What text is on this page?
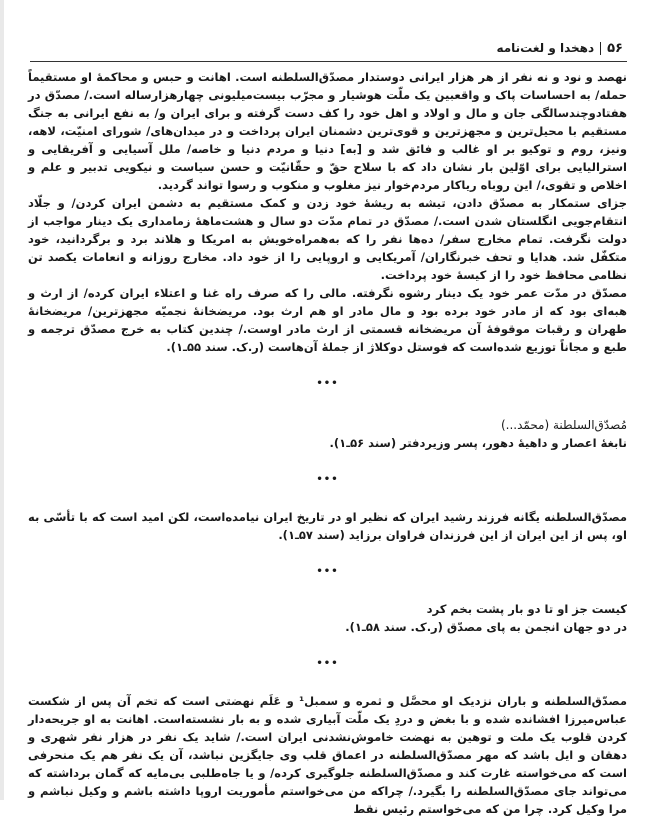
۵۶
دهخدا و لغت‌نامه

نهصد و نود و نه نفر از هر هزار ایرانی دوستدار مصدّق‌السلطنه است. اهانت و حبس و محاکمهٔ او مستقیماً حمله/ به احساسات پاک و واقعبین یک ملّت هوشیار و مجرّب بیست‌میلیونی چهارهزارساله است./ مصدّق در هفتادوچندسالگی جان و مال و اولاد و اهل خود را کف دست گرفته و برای ایران و/ به نفع ایرانی به جنگ مستقیم با محیل‌ترین و مجهزترین و قوی‌ترین دشمنان ایران پرداخت و در میدان‌های/ شورای امنیّت، لاهه، ونیز، روم و توکیو بر او غالب و فائق شد و [به] دنیا و مردم دنیا و خاصه/ ملل آسیایی و آفریقایی و استرالیایی برای اوّلین بار نشان داد که با سلاح حقّ و حقّانیّت و حسن سیاست و نیکویی تدبیر و علم و اخلاص و تقوی،/ این روباه ریاکار مردم‌خوار نیز مغلوب و منکوب و رسوا تواند گردید.

جزای ستمکار به مصدّق دادن، تیشه به ریشهٔ خود زدن و کمک مستقیم به دشمن ایران کردن/ و جلّاد انتقام‌جویی انگلستان شدن است./ مصدّق در تمام مدّت دو سال و هشت‌ماههٔ زمامداری یک دینار مواجب از دولت نگرفت. تمام مخارج سفر/ ده‌ها نفر را که به‌همراه‌خویش به امریکا و هلاند برد و برگردانید، خود متکفّل شد. هدایا و تحف خبرنگاران/ آمریکایی و اروپایی را از خود داد. مخارج روزانه و انعامات یکصد تن نظامی محافظ خود را از کیسهٔ خود پرداخت.

مصدّق در مدّت عمر خود یک دینار رشوه نگرفته. مالی را که صرف راه غنا و اعتلاء ایران کرده/ از ارث و هبه‌ای بود که از مادر خود برده بود و مال مادر او هم ارث بود. مریضخانهٔ نجمیّه مجهزترین/ مریضخانهٔ طهران و رقبات موقوفهٔ آن مریضخانه قسمتی از ارث مادر اوست./ چندین کتاب به خرج مصدّق ترجمه و طبع و مجاناً توزیع شده‌است که فوستل دوکلاژ از جملهٔ آن‌هاست (ر.ک. سند ۵۵ـ۱).

•••

مُصدّق‌السلطنة (محمّد...)

نابغهٔ اعصار و داهیهٔ دهور، پسر وزیردفتر (سند ۵۶ـ۱).

•••

مصدّق‌السلطنه یگانه فرزند رشید ایران که نظیر او در تاریخ ایران نیامده‌است، لکن امید است که با تأسّی به او، پس از این ایران از این فرزندان فراوان برزاید (سند ۵۷ـ۱).

•••

کیست جز او تا دو بار پشت بخم کرد

در دو جهان انجمن به پای مصدّق (ر.ک. سند ۵۸ـ۱).

•••

مصدّق‌السلطنه و باران نزدیک او محصَّل و ثمره و سمبل¹ و عَلَم نهضتی است که تخم آن پس از شکست عباس‌میرزا افشانده شده و با بغض و دردِ یک ملّت آبیاری شده و به بار نشسته‌است. اهانت به او جریحه‌دار کردن قلوب یک ملت و توهین به نهضت خاموش‌نشدنی ایران است./ شاید یک نفر در هزار نفر شهری و دهقان و ایل باشد که مهر مصدّق‌السلطنه در اعماق قلب وی جایگزین نباشد، آن یک نفر هم یک منحرفی است که می‌خواسته غارت کند و مصدّق‌السلطنه جلوگیری کرده/ و یا جاه‌طلبی بی‌مایه که گمان برداشته که می‌تواند جای مصدّق‌السلطنه را بگیرد./ چراکه من می‌خواستم مأموریت اروپا داشته باشم و وکیل نباشم و مرا وکیل کرد. چرا من که می‌خواستم رئیس نقط
